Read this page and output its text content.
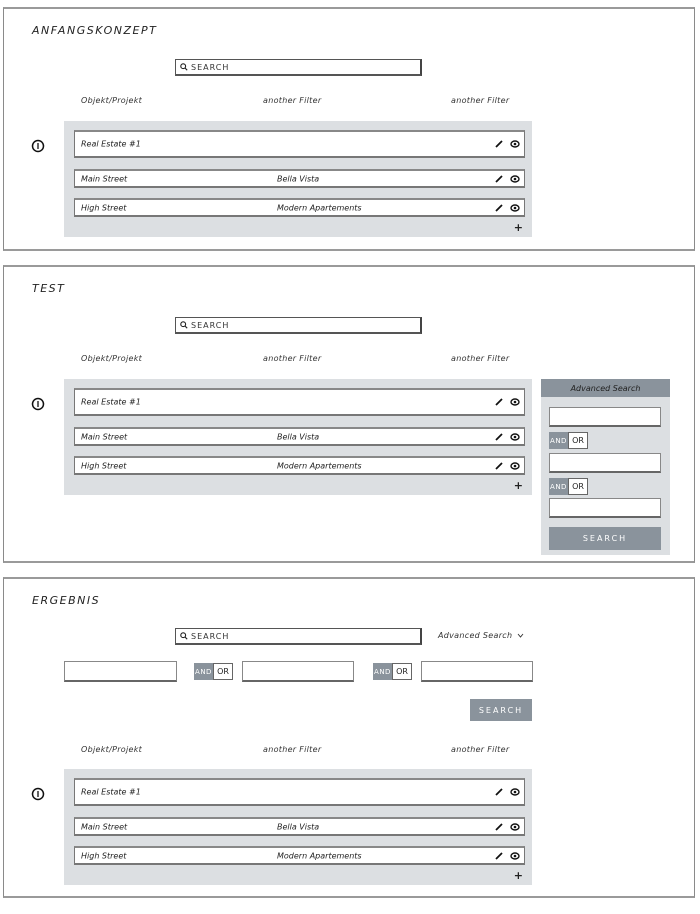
ANFANGSKONZEPT
SEARCH
Objekt/Projekt	another Filter	another Filter
Real Estate #1
Main Street	Bella Vista
High Street	Modern Apartements
+
TEST
SEARCH
Objekt/Projekt	another Filter	another Filter
Real Estate #1
Main Street	Bella Vista
High Street	Modern Apartements
+
Advanced Search
AND OR
AND OR
SEARCH
ERGEBNIS
SEARCH	Advanced Search
AND OR	AND OR
SEARCH
Objekt/Projekt	another Filter	another Filter
Real Estate #1
Main Street	Bella Vista
High Street	Modern Apartements
+
